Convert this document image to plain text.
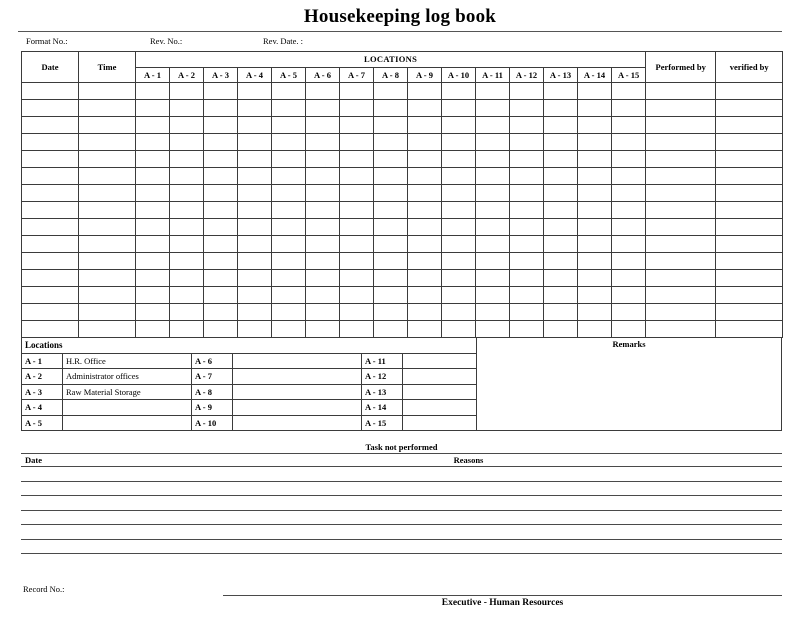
Housekeeping log book
Format No.:	Rev. No.:	Rev. Date. :
Date	Time	LOCATIONS															Performed by	verified by
		A - 1	A - 2	A - 3	A - 4	A - 5	A - 6	A - 7	A - 8	A - 9	A - 10	A - 11	A - 12	A - 13	A - 14	A - 15		

Locations					
A - 1	H.R. Office	A - 6		A - 11	
A - 2	Administrator offices	A - 7		A - 12	
A - 3	Raw Material Storage	A - 8		A - 13	
A - 4		A - 9		A - 14	
A - 5		A - 10		A - 15	
Remarks
Task not performed
Date	Reasons
Record No.:
Executive - Human Resources
